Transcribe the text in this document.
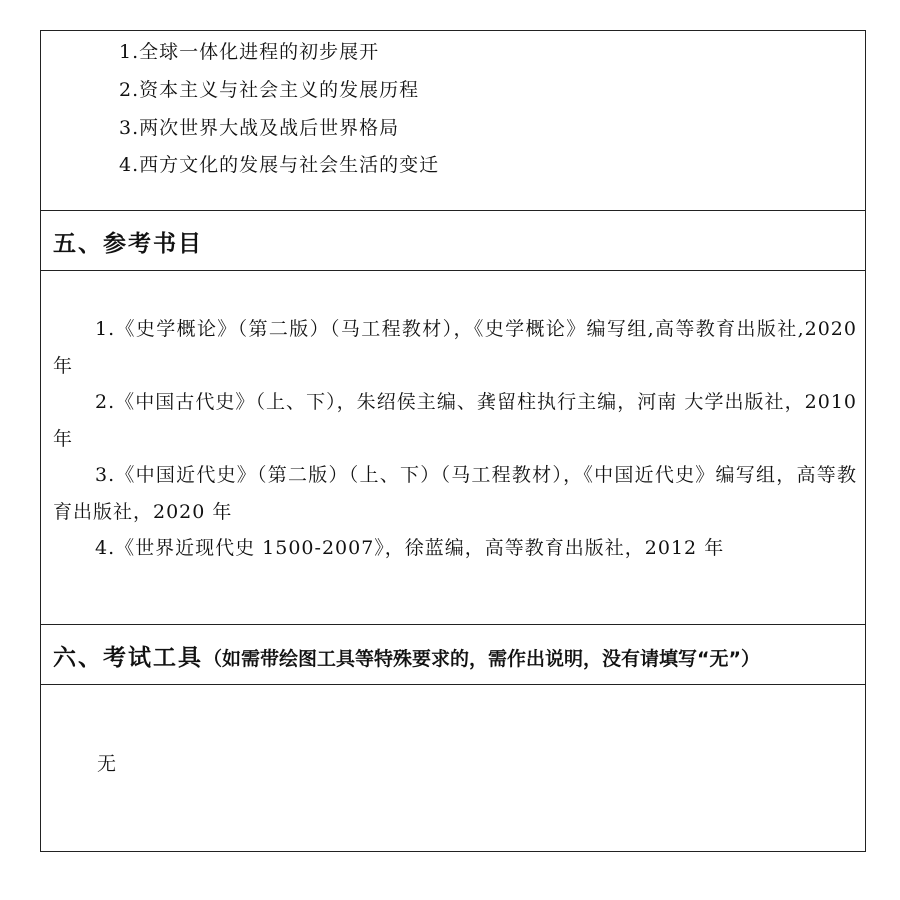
1.全球一体化进程的初步展开
2.资本主义与社会主义的发展历程
3.两次世界大战及战后世界格局
4.西方文化的发展与社会生活的变迁
五、参考书目

1.《史学概论》（第二版）（马工程教材），《史学概论》编写组,高等教育出版社,2020 年

2.《中国古代史》（上、下），朱绍侯主编、龚留柱执行主编，河南 大学出版社，2010 年

3.《中国近代史》（第二版）（上、下）（马工程教材），《中国近代史》编写组，高等教育出版社，2020 年

4.《世界近现代史 1500-2007》，徐蓝编，高等教育出版社，2012 年

六、考试工具（如需带绘图工具等特殊要求的，需作出说明，没有请填写“无”）
无
